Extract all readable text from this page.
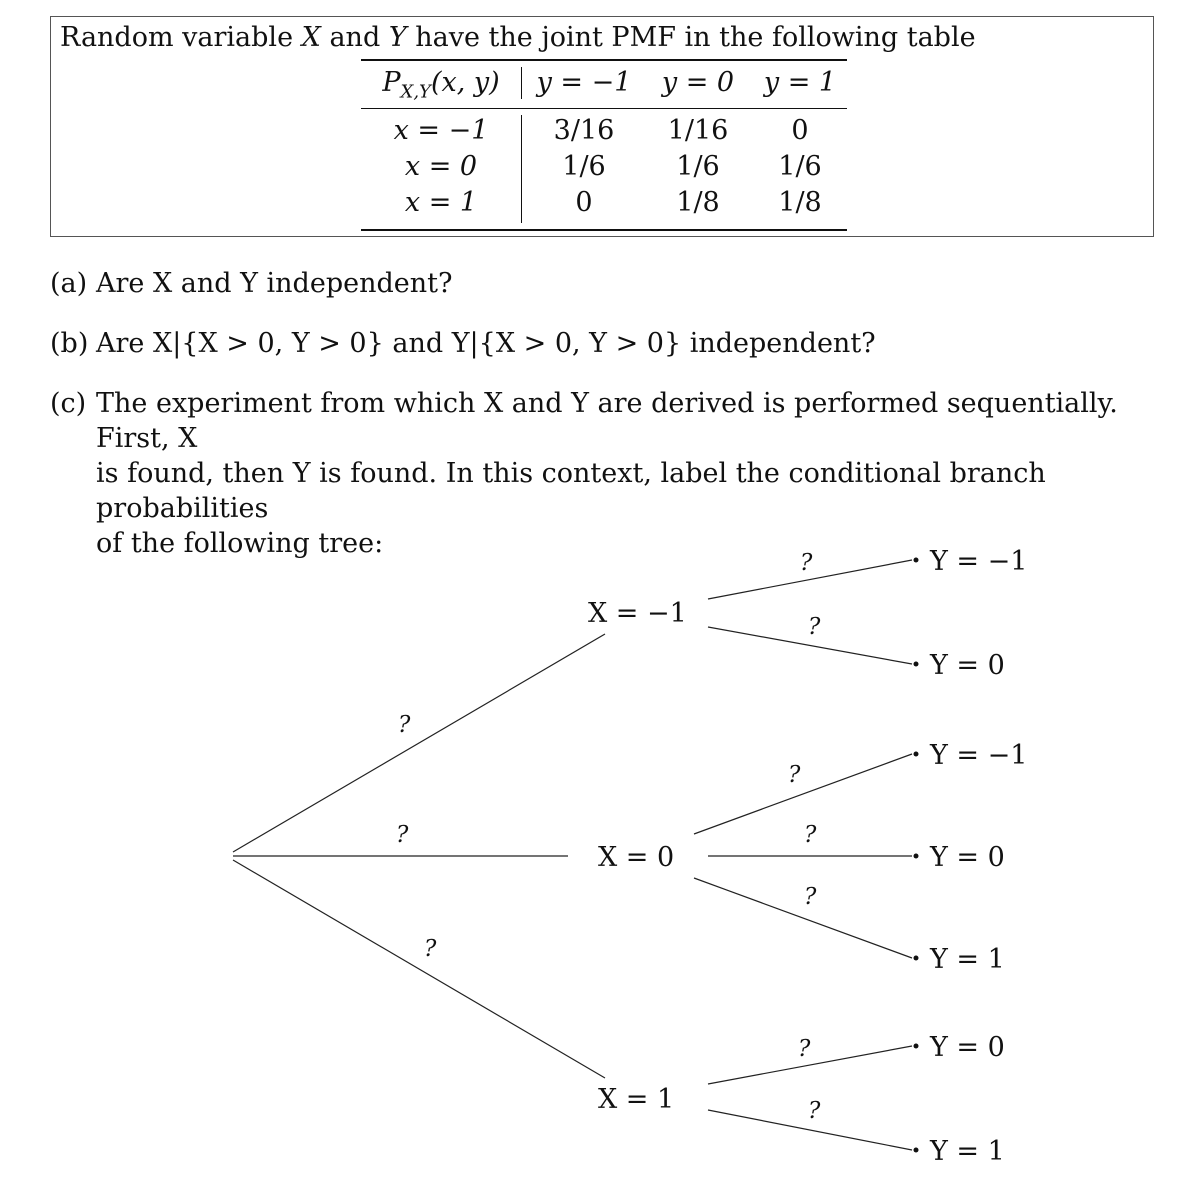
Random variable X and Y have the joint PMF in the following table
$P_{X,Y}(x$, y)	y = −1	y = 0	y = 1
x = −1	3/16	1/16	0
x = 0	1/6	1/6	1/6
x = 1	0	1/8	1/8
(a) Are X and Y independent?
(b) Are X|{X > 0, Y > 0} and Y|{X > 0, Y > 0} independent?
(c) The experiment from which X and Y are derived is performed sequentially. First, X
is found, then Y is found. In this context, label the conditional branch probabilities
of the following tree:
?
?
?
X = −1
X = 0
X = 1
?
?
?
?
?
?
?
Y = −1
Y = 0
Y = −1
Y = 0
Y = 1
Y = 0
Y = 1
